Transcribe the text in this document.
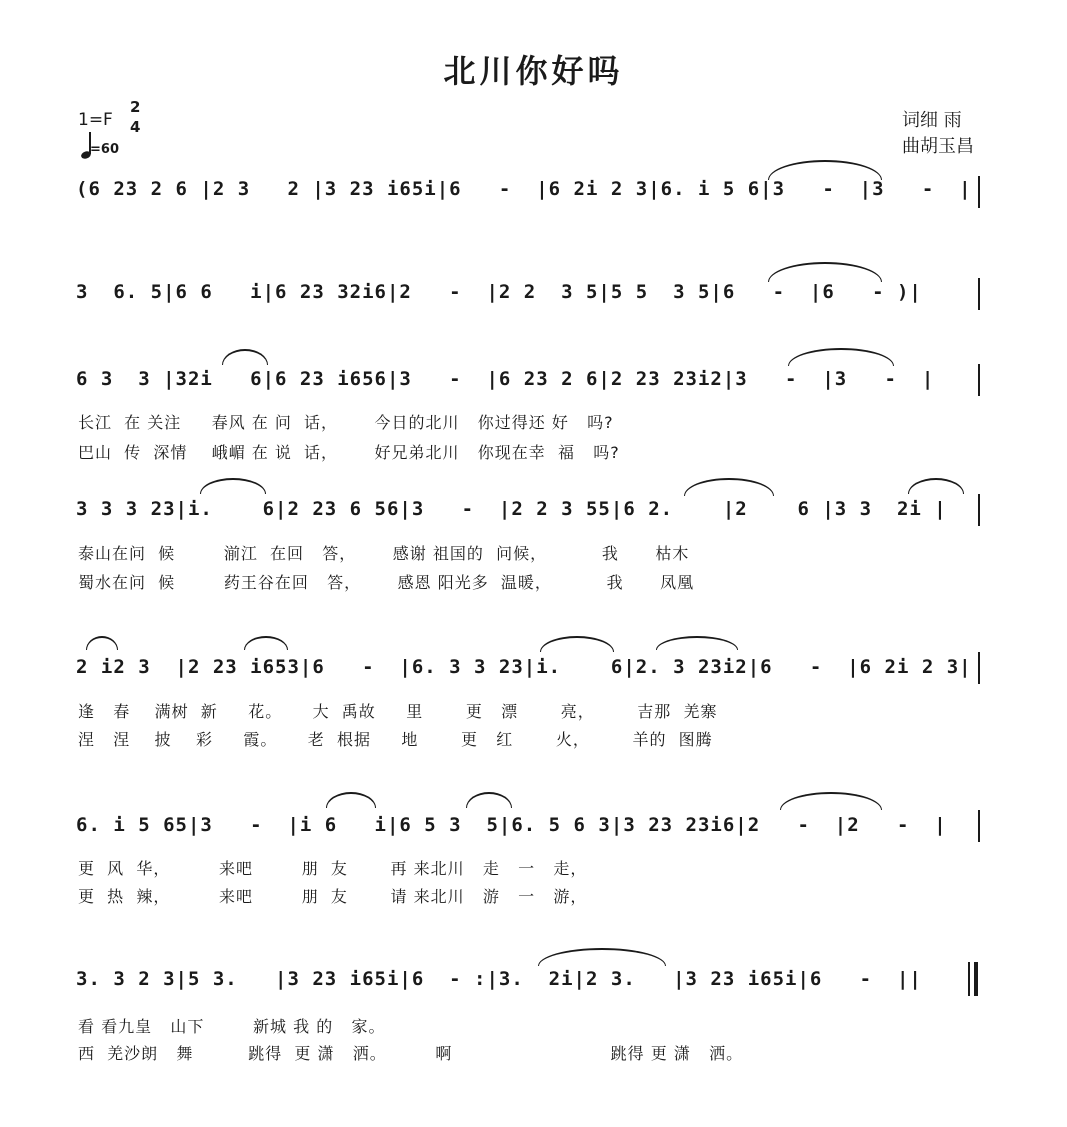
北川你好吗
1=F
2
4
=60
词细 雨
曲胡玉昌
(6 23 2 6 |2 3   2 |3 23 i65i|6   -  |6 2i 2 3|6. i 5 6|3   -  |3   -  |
3  6. 5|6 6   i|6 23 32i6|2   -  |2 2  3 5|5 5  3 5|6   -  |6   - )|
6 3  3 |32i   6|6 23 i656|3   -  |6 23 2 6|2 23 23i2|3   -  |3   -  |
长江  在 关注     春风 在 问  话，      今日的北川   你过得还 好   吗?
巴山  传  深情    峨嵋 在 说  话，      好兄弟北川   你现在幸  福   吗?
3 3 3 23|i.    6|2 23 6 56|3   -  |2 2 3 55|6 2.    |2    6 |3 3  2i |
泰山在问  候        湔江  在回   答，      感谢 祖国的  问候，         我      枯木
蜀水在问  候        药王谷在回   答，      感恩 阳光多  温暖，         我      凤凰
2 i2 3  |2 23 i653|6   -  |6. 3 3 23|i.    6|2. 3 23i2|6   -  |6 2i 2 3|
逢   春    满树  新     花。     大  禹故     里       更   漂       亮，       吉那  羌寨
涅   涅    披    彩     霞。     老  根据     地       更   红       火，       羊的  图腾
6. i 5 65|3   -  |i 6   i|6 5 3  5|6. 5 6 3|3 23 23i6|2   -  |2   -  |
更  风  华，        来吧        朋  友       再 来北川   走   一   走，
更  热  辣，        来吧        朋  友       请 来北川   游   一   游，
3. 3 2 3|5 3.   |3 23 i65i|6  - :|3.  2i|2 3.   |3 23 i65i|6   -  ||
看 看九皇   山下        新城 我 的   家。
西  羌沙朗   舞         跳得  更 潇   洒。        啊                          跳得 更 潇   洒。
